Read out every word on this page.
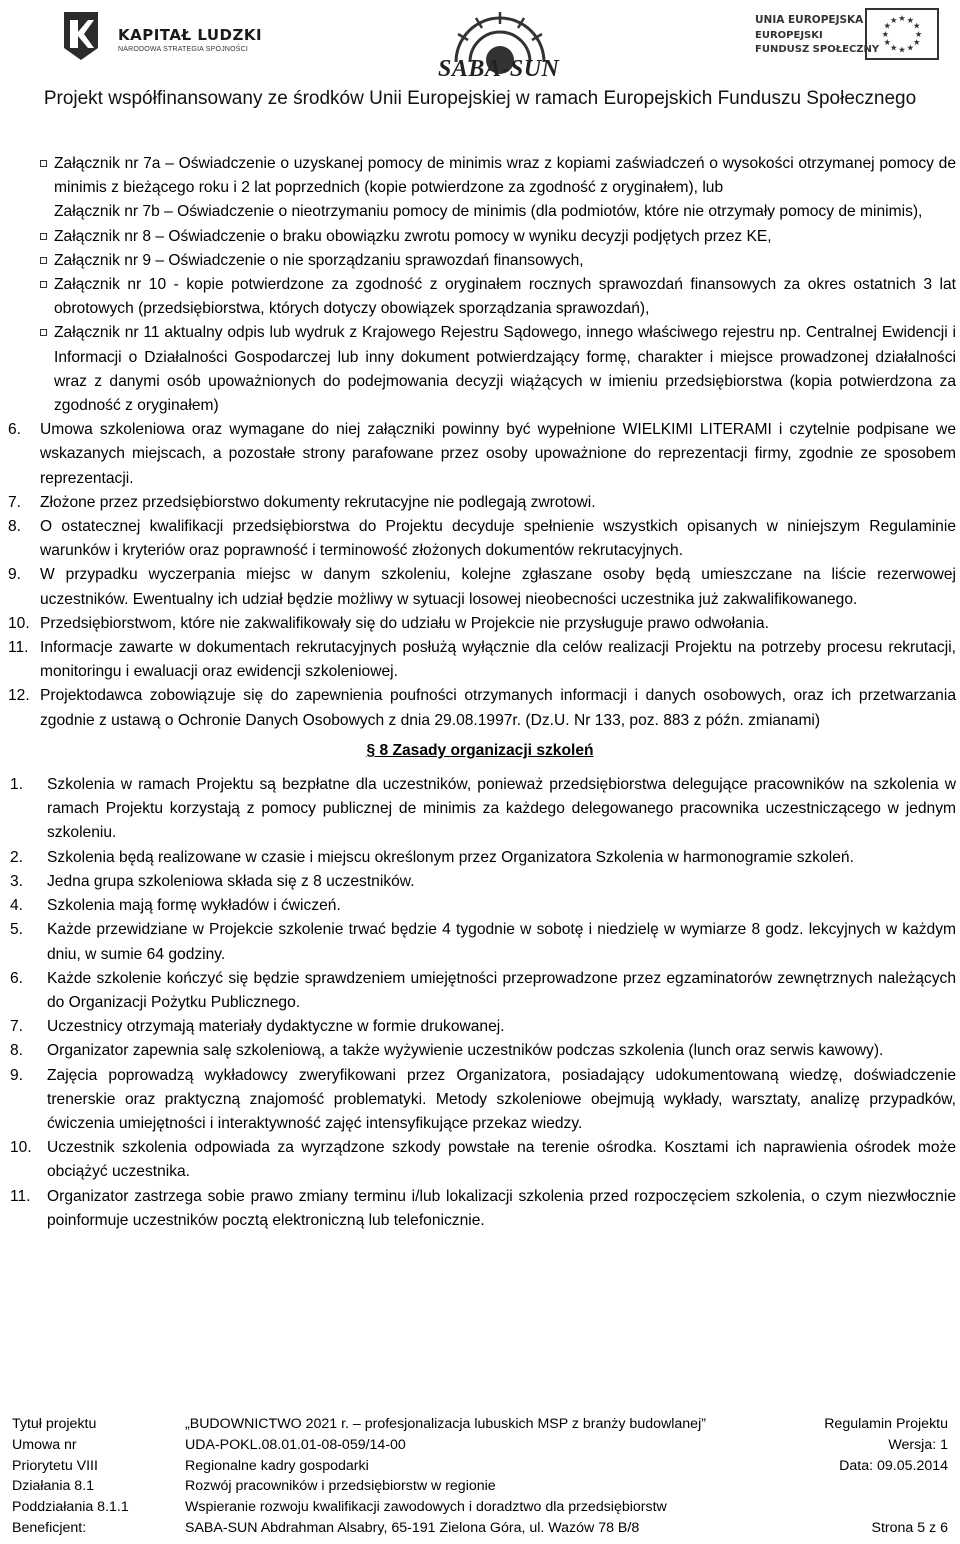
KAPITAŁ LUDZKI
NARODOWA STRATEGIA SPÓJNOŚCI
SABA-SUN
UNIA EUROPEJSKA
EUROPEJSKI
FUNDUSZ SPOŁECZNY
★ ★
★
★
★
★
★
★
★
★
★
★
Projekt współfinansowany ze środków Unii Europejskiej w ramach Europejskich Funduszu Społecznego
Załącznik nr 7a – Oświadczenie o uzyskanej pomocy de minimis wraz z kopiami zaświadczeń o wysokości otrzymanej pomocy de minimis z bieżącego roku i 2 lat poprzednich (kopie potwierdzone za zgodność z oryginałem), lub
Załącznik nr 7b – Oświadczenie o nieotrzymaniu pomocy de minimis (dla podmiotów, które nie otrzymały pomocy de minimis),
Załącznik nr 8 – Oświadczenie o braku obowiązku zwrotu pomocy w wyniku decyzji podjętych przez KE,
Załącznik nr 9 – Oświadczenie o nie sporządzaniu sprawozdań finansowych,
Załącznik nr 10 - kopie potwierdzone za zgodność z oryginałem rocznych sprawozdań finansowych za okres ostatnich 3 lat obrotowych (przedsiębiorstwa, których dotyczy obowiązek sporządzania sprawozdań),
Załącznik nr 11 aktualny odpis lub wydruk z Krajowego Rejestru Sądowego, innego właściwego rejestru np. Centralnej Ewidencji i Informacji o Działalności Gospodarczej lub inny dokument potwierdzający formę, charakter i miejsce prowadzonej działalności wraz z danymi osób upoważnionych do podejmowania decyzji wiążących w imieniu przedsiębiorstwa (kopia potwierdzona za zgodność z oryginałem)
6.	Umowa szkoleniowa oraz wymagane do niej załączniki powinny być wypełnione WIELKIMI LITERAMI i czytelnie podpisane we wskazanych miejscach, a pozostałe strony parafowane przez osoby upoważnione do reprezentacji firmy, zgodnie ze sposobem reprezentacji.
7.	Złożone przez przedsiębiorstwo dokumenty rekrutacyjne nie podlegają zwrotowi.
8.	O ostatecznej kwalifikacji przedsiębiorstwa do Projektu decyduje spełnienie wszystkich opisanych w niniejszym Regulaminie warunków i kryteriów oraz poprawność i terminowość złożonych dokumentów rekrutacyjnych.
9.	W przypadku wyczerpania miejsc w danym szkoleniu, kolejne zgłaszane osoby będą umieszczane na liście rezerwowej uczestników. Ewentualny ich udział będzie możliwy w sytuacji losowej nieobecności uczestnika już zakwalifikowanego.
10. Przedsiębiorstwom, które nie zakwalifikowały się do udziału w Projekcie nie przysługuje prawo odwołania.
11. Informacje zawarte w dokumentach rekrutacyjnych posłużą wyłącznie dla celów realizacji Projektu na potrzeby procesu rekrutacji, monitoringu i ewaluacji oraz ewidencji szkoleniowej.
12. Projektodawca zobowiązuje się do zapewnienia poufności otrzymanych informacji i danych osobowych, oraz ich przetwarzania zgodnie z ustawą o Ochronie Danych Osobowych z dnia 29.08.1997r. (Dz.U. Nr 133, poz. 883 z późn. zmianami)
§ 8 Zasady organizacji szkoleń
1.	Szkolenia w ramach Projektu są bezpłatne dla uczestników, ponieważ przedsiębiorstwa delegujące pracowników na szkolenia w ramach Projektu korzystają z pomocy publicznej de minimis za każdego delegowanego pracownika uczestniczącego w jednym szkoleniu.
2.	Szkolenia będą realizowane w czasie i miejscu określonym przez Organizatora Szkolenia w harmonogramie szkoleń.
3.	Jedna grupa szkoleniowa składa się z 8 uczestników.
4.	Szkolenia mają formę wykładów i ćwiczeń.
5.	Każde przewidziane w Projekcie szkolenie trwać będzie 4 tygodnie w sobotę i niedzielę w wymiarze 8 godz. lekcyjnych w każdym dniu, w sumie 64 godziny.
6.	Każde szkolenie kończyć się będzie sprawdzeniem umiejętności przeprowadzone przez egzaminatorów zewnętrznych należących do Organizacji Pożytku Publicznego.
7.	Uczestnicy otrzymają materiały dydaktyczne w formie drukowanej.
8.	Organizator zapewnia salę szkoleniową, a także wyżywienie uczestników podczas szkolenia (lunch oraz serwis kawowy).
9.	Zajęcia poprowadzą wykładowcy zweryfikowani przez Organizatora, posiadający udokumentowaną wiedzę, doświadczenie trenerskie oraz praktyczną znajomość problematyki. Metody szkoleniowe obejmują wykłady, warsztaty, analizę przypadków, ćwiczenia umiejętności i interaktywność zajęć intensyfikujące przekaz wiedzy.
10. Uczestnik szkolenia odpowiada za wyrządzone szkody powstałe na terenie ośrodka. Kosztami ich naprawienia ośrodek może obciążyć uczestnika.
11.	Organizator zastrzega sobie prawo zmiany terminu i/lub lokalizacji szkolenia przed rozpoczęciem szkolenia, o czym niezwłocznie poinformuje uczestników pocztą elektroniczną lub telefonicznie.
Tytuł projektu	„BUDOWNICTWO 2021 r. – profesjonalizacja lubuskich MSP z branży budowlanej”	Regulamin Projektu
Umowa nr	UDA-POKL.08.01.01-08-059/14-00	Wersja: 1
Priorytetu VIII	Regionalne kadry gospodarki	Data: 09.05.2014
Działania 8.1	Rozwój pracowników i przedsiębiorstw w regionie
Poddziałania 8.1.1	Wspieranie rozwoju kwalifikacji zawodowych i doradztwo dla przedsiębiorstw
Beneficjent:	SABA-SUN Abdrahman Alsabry, 65-191 Zielona Góra, ul. Wazów 78 B/8	Strona 5 z 6
